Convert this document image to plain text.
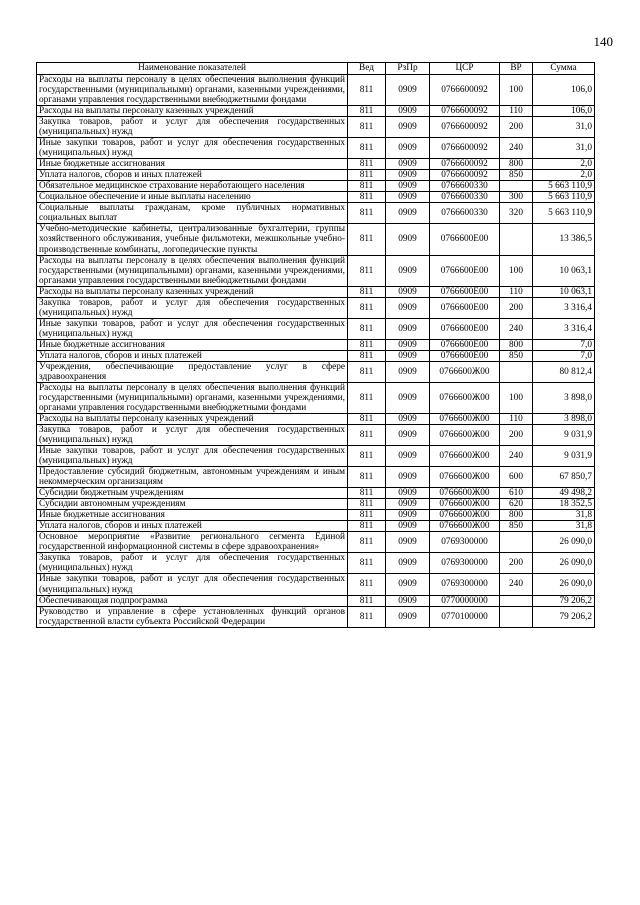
140
Наименование показателей	Вед	РзПр	ЦСР	ВР	Сумма
Расходы на выплаты персоналу в целях обеспечения выполнения функций государственными (муниципальными) органами, казенными учреждениями, органами управления государственными внебюджетными фондами	811	0909	0766600092	100	106,0
Расходы на выплаты персоналу казенных учреждений	811	0909	0766600092	110	106,0
Закупка товаров, работ и услуг для обеспечения государственных (муниципальных) нужд	811	0909	0766600092	200	31,0
Иные закупки товаров, работ и услуг для обеспечения государственных (муниципальных) нужд	811	0909	0766600092	240	31,0
Иные бюджетные ассигнования	811	0909	0766600092	800	2,0
Уплата налогов, сборов и иных платежей	811	0909	0766600092	850	2,0
Обязательное медицинское страхование неработающего населения	811	0909	0766600330		5 663 110,9
Социальное обеспечение и иные выплаты населению	811	0909	0766600330	300	5 663 110,9
Социальные выплаты гражданам, кроме публичных нормативных социальных выплат	811	0909	0766600330	320	5 663 110,9
Учебно-методические кабинеты, централизованные бухгалтерии, группы хозяйственного обслуживания, учебные фильмотеки, межшкольные учебно-производственные комбинаты, логопедические пункты	811	0909	0766600Е00		13 386,5
Расходы на выплаты персоналу в целях обеспечения выполнения функций государственными (муниципальными) органами, казенными учреждениями, органами управления государственными внебюджетными фондами	811	0909	0766600Е00	100	10 063,1
Расходы на выплаты персоналу казенных учреждений	811	0909	0766600Е00	110	10 063,1
Закупка товаров, работ и услуг для обеспечения государственных (муниципальных) нужд	811	0909	0766600Е00	200	3 316,4
Иные закупки товаров, работ и услуг для обеспечения государственных (муниципальных) нужд	811	0909	0766600Е00	240	3 316,4
Иные бюджетные ассигнования	811	0909	0766600Е00	800	7,0
Уплата налогов, сборов и иных платежей	811	0909	0766600Е00	850	7,0
Учреждения, обеспечивающие предоставление услуг в сфере здравоохранения	811	0909	0766600Ж00		80 812,4
Расходы на выплаты персоналу в целях обеспечения выполнения функций государственными (муниципальными) органами, казенными учреждениями, органами управления государственными внебюджетными фондами	811	0909	0766600Ж00	100	3 898,0
Расходы на выплаты персоналу казенных учреждений	811	0909	0766600Ж00	110	3 898,0
Закупка товаров, работ и услуг для обеспечения государственных (муниципальных) нужд	811	0909	0766600Ж00	200	9 031,9
Иные закупки товаров, работ и услуг для обеспечения государственных (муниципальных) нужд	811	0909	0766600Ж00	240	9 031,9
Предоставление субсидий бюджетным, автономным учреждениям и иным некоммерческим организациям	811	0909	0766600Ж00	600	67 850,7
Субсидии бюджетным учреждениям	811	0909	0766600Ж00	610	49 498,2
Субсидии автономным учреждениям	811	0909	0766600Ж00	620	18 352,5
Иные бюджетные ассигнования	811	0909	0766600Ж00	800	31,8
Уплата налогов, сборов и иных платежей	811	0909	0766600Ж00	850	31,8
Основное мероприятие «Развитие регионального сегмента Единой государственной информационной системы в сфере здравоохранения»	811	0909	0769300000		26 090,0
Закупка товаров, работ и услуг для обеспечения государственных (муниципальных) нужд	811	0909	0769300000	200	26 090,0
Иные закупки товаров, работ и услуг для обеспечения государственных (муниципальных) нужд	811	0909	0769300000	240	26 090,0
Обеспечивающая подпрограмма	811	0909	0770000000		79 206,2
Руководство и управление в сфере установленных функций органов государственной власти субъекта Российской Федерации	811	0909	0770100000		79 206,2
